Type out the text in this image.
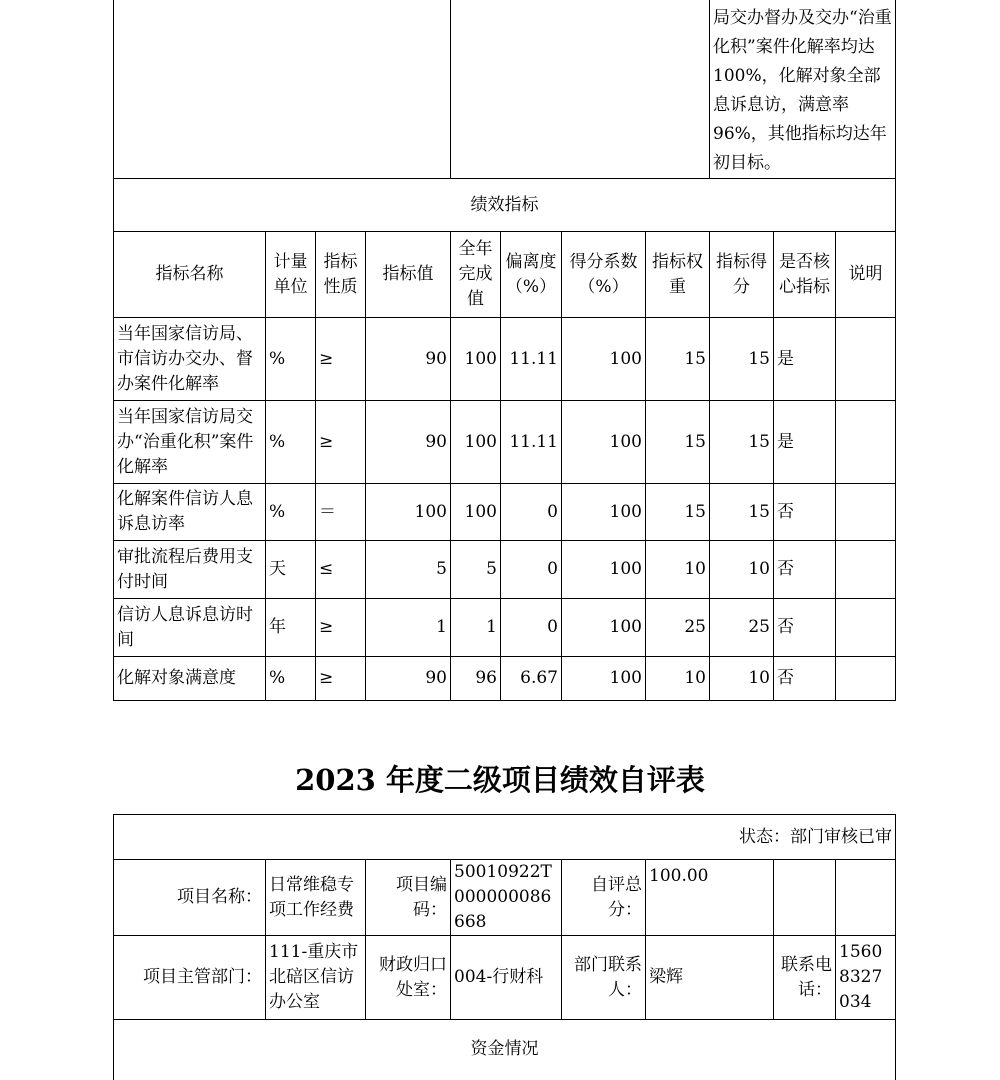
								局交办督办及交办“治重化积”案件化解率均达100%，化解对象全部息诉息访，满意率96%，其他指标均达年初目标。		
绩效指标										
指标名称	计量单位	指标性质	指标值	全年完成值	偏离度（%）	得分系数（%）	指标权重	指标得分	是否核心指标	说明
当年国家信访局、市信访办交办、督办案件化解率	%	≥	90	100	11.11	100	15	15	是	
当年国家信访局交办“治重化积”案件化解率	%	≥	90	100	11.11	100	15	15	是	
化解案件信访人息诉息访率	%	＝	100	100	0	100	15	15	否	
审批流程后费用支付时间	天	≤	5	5	0	100	10	10	否	
信访人息诉息访时间	年	≥	1	1	0	100	25	25	否	
化解对象满意度	%	≥	90	96	6.67	100	10	10	否	
2023 年度二级项目绩效自评表
状态：部门审核已审							
项目名称：	日常维稳专项工作经费	项目编码：	50010922T000000086668	自评总分：	100.00		
项目主管部门：	111-重庆市北碚区信访办公室	财政归口处室：	004-行财科	部门联系人：	梁辉	联系电话：	15608327034
资金情况							
